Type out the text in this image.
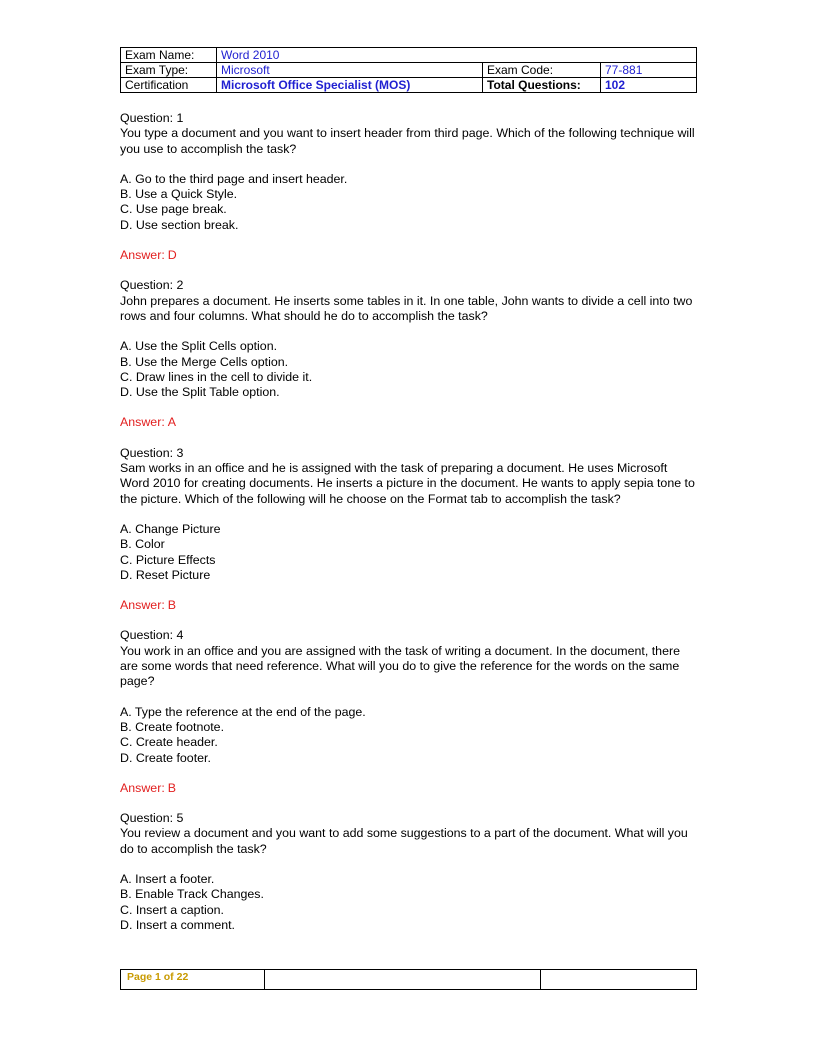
Exam Name:	Word 2010		
Exam Type:	Microsoft	Exam Code:	77-881
Certification	Microsoft Office Specialist (MOS)	Total Questions:	102

Question: 1

You type a document and you want to insert header from third page. Which of the following technique will you use to accomplish the task?

A. Go to the third page and insert header.
B. Use a Quick Style.
C. Use page break.
D. Use section break.

Answer: D

Question: 2

John prepares a document. He inserts some tables in it. In one table, John wants to divide a cell into two rows and four columns. What should he do to accomplish the task?

A. Use the Split Cells option.
B. Use the Merge Cells option.
C. Draw lines in the cell to divide it.
D. Use the Split Table option.

Answer: A

Question: 3

Sam works in an office and he is assigned with the task of preparing a document. He uses Microsoft Word 2010 for creating documents. He inserts a picture in the document. He wants to apply sepia tone to the picture. Which of the following will he choose on the Format tab to accomplish the task?

A. Change Picture
B. Color
C. Picture Effects
D. Reset Picture

Answer: B

Question: 4

You work in an office and you are assigned with the task of writing a document. In the document, there are some words that need reference. What will you do to give the reference for the words on the same page?

A. Type the reference at the end of the page.
B. Create footnote.
C. Create header.
D. Create footer.

Answer: B

Question: 5

You review a document and you want to add some suggestions to a part of the document. What will you do to accomplish the task?

A. Insert a footer.
B. Enable Track Changes.
C. Insert a caption.
D. Insert a comment.
Page 1 of 22		
